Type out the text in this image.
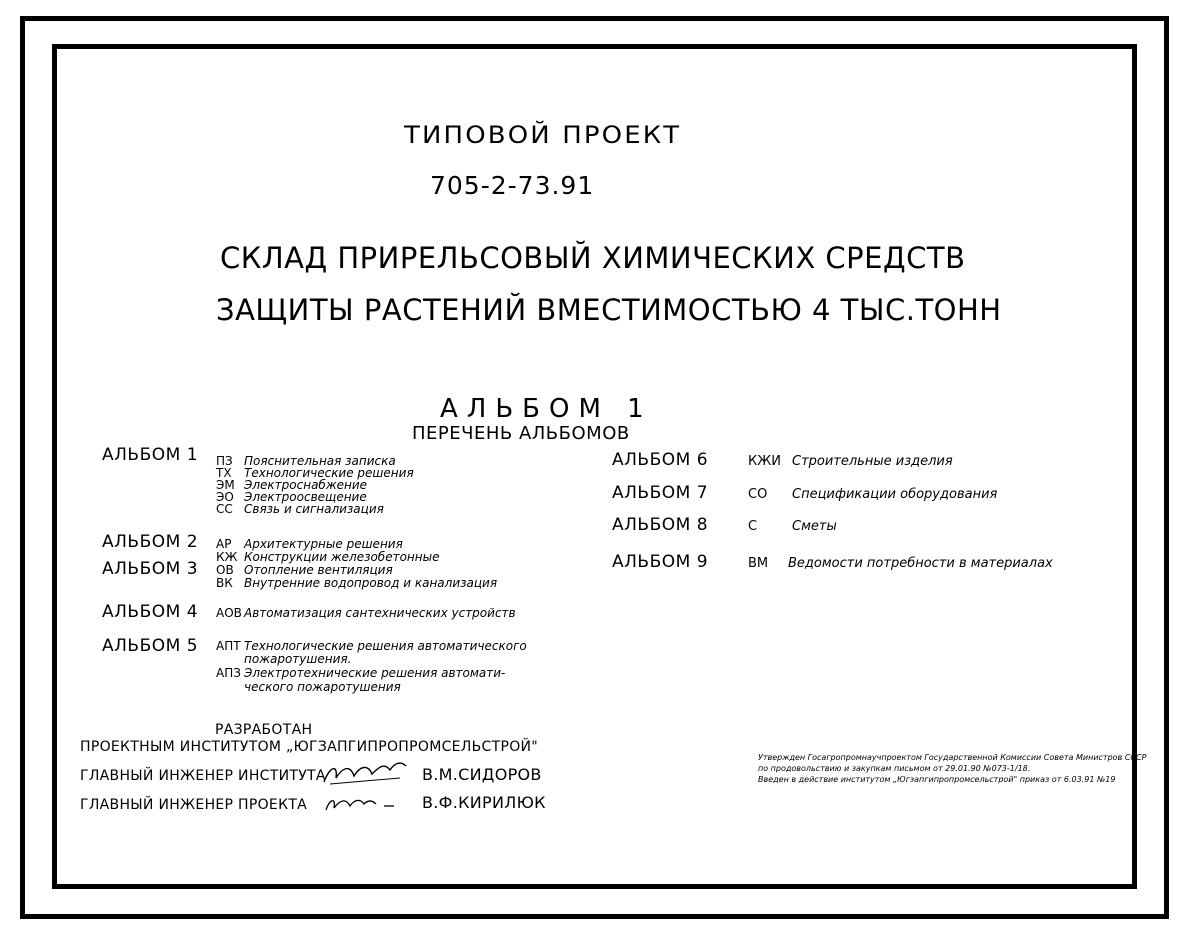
ТИПОВОЙ ПРОЕКТ
705-2-73.91
СКЛАД ПРИРЕЛЬСОВЫЙ ХИМИЧЕСКИХ СРЕДСТВ
ЗАЩИТЫ РАСТЕНИЙ ВМЕСТИМОСТЬЮ 4 ТЫС.ТОНН
АЛЬБОМ 1
ПЕРЕЧЕНЬ АЛЬБОМОВ
АЛЬБОМ 1 ПЗ Пояснительная записка
ТХ	Технологические решения
ЭМ Электроснабжение
ЭО Электроосвещение
СС Связь и сигнализация
АЛЬБОМ 2 АР	Архитектурные решения
КЖ Конструкции железобетонные
АЛЬБОМ 3 ОВ Отопление вентиляция
ВК Внутренние водопровод и канализация
АЛЬБОМ 4 АОВ Автоматизация сантехнических устройств
АЛЬБОМ 5 АПТ Технологические решения автоматического
пожаротушения.
АПЗ Электротехнические решения автомати-
ческого пожаротушения
АЛЬБОМ 6	КЖИ Строительные изделия
АЛЬБОМ 7	СО Спецификации оборудования
АЛЬБОМ 8	С	Сметы
АЛЬБОМ 9	ВМ Ведомости потребности в материалах
РАЗРАБОТАН
ПРОЕКТНЫМ ИНСТИТУТОМ „ЮГЗАПГИПРОПРОМСЕЛЬСТРОЙ"
ГЛАВНЫЙ ИНЖЕНЕР ИНСТИТУТА	В.М.СИДОРОВ
ГЛАВНЫЙ ИНЖЕНЕР ПРОЕКТА	В.Ф.КИРИЛЮК
Утвержден Госагропромнаучпроектом Государственной Комиссии Совета Министров СССР
по продовольствию и закупкам письмом от 29.01.90 №073-1/18.
Введен в действие институтом „Югзапгипропромсельстрой" приказ от 6.03.91 №19
